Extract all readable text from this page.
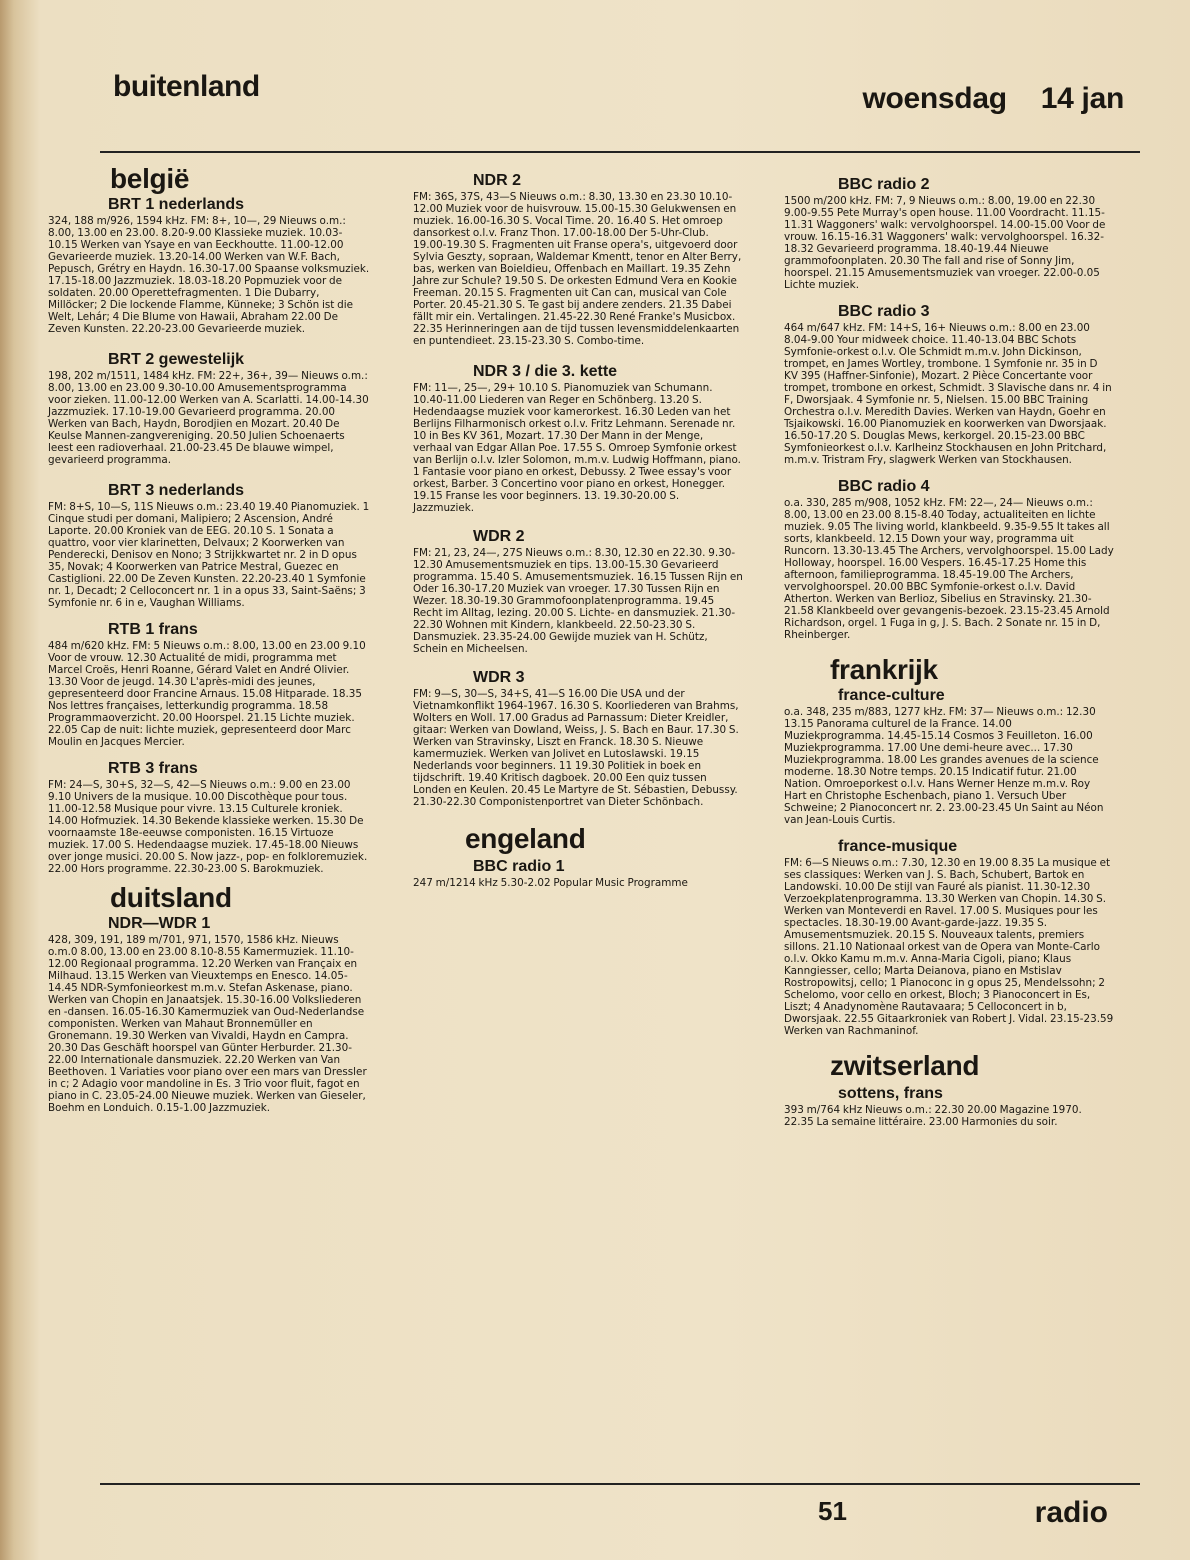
buitenland	woensdag 14 jan
belgië
BRT 1 nederlands
324, 188 m/926, 1594 kHz. FM: 8+, 10—, 29 Nieuws o.m.: 8.00, 13.00 en 23.00. 8.20-9.00 Klassieke muziek. 10.03-10.15 Werken van Ysaye en van Eeckhoutte. 11.00-12.00 Gevarieerde muziek. 13.20-14.00 Werken van W.F. Bach, Pepusch, Grétry en Haydn. 16.30-17.00 Spaanse volksmuziek. 17.15-18.00 Jazzmuziek. 18.03-18.20 Popmuziek voor de soldaten. 20.00 Operettefragmenten. 1 Die Dubarry, Millöcker; 2 Die lockende Flamme, Künneke; 3 Schön ist die Welt, Lehár; 4 Die Blume von Hawaii, Abraham 22.00 De Zeven Kunsten. 22.20-23.00 Gevarieerde muziek.
BRT 2 gewestelijk
198, 202 m/1511, 1484 kHz. FM: 22+, 36+, 39— Nieuws o.m.: 8.00, 13.00 en 23.00 9.30-10.00 Amusementsprogramma voor zieken. 11.00-12.00 Werken van A. Scarlatti. 14.00-14.30 Jazzmuziek. 17.10-19.00 Gevarieerd programma. 20.00 Werken van Bach, Haydn, Borodjien en Mozart. 20.40 De Keulse Mannen-zangvereniging. 20.50 Julien Schoenaerts leest een radioverhaal. 21.00-23.45 De blauwe wimpel, gevarieerd programma.
BRT 3 nederlands
FM: 8+S, 10—S, 11S Nieuws o.m.: 23.40 19.40 Pianomuziek. 1 Cinque studi per domani, Malipiero; 2 Ascension, André Laporte. 20.00 Kroniek van de EEG. 20.10 S. 1 Sonata a quattro, voor vier klarinetten, Delvaux; 2 Koorwerken van Penderecki, Denisov en Nono; 3 Strijkkwartet nr. 2 in D opus 35, Novak; 4 Koorwerken van Patrice Mestral, Guezec en Castiglioni. 22.00 De Zeven Kunsten. 22.20-23.40 1 Symfonie nr. 1, Decadt; 2 Celloconcert nr. 1 in a opus 33, Saint-Saëns; 3 Symfonie nr. 6 in e, Vaughan Williams.
RTB 1 frans
484 m/620 kHz. FM: 5 Nieuws o.m.: 8.00, 13.00 en 23.00 9.10 Voor de vrouw. 12.30 Actualité de midi, programma met Marcel Croës, Henri Roanne, Gérard Valet en André Olivier. 13.30 Voor de jeugd. 14.30 L'après-midi des jeunes, gepresenteerd door Francine Arnaus. 15.08 Hitparade. 18.35 Nos lettres françaises, letterkundig programma. 18.58 Programmaoverzicht. 20.00 Hoorspel. 21.15 Lichte muziek. 22.05 Cap de nuit: lichte muziek, gepresenteerd door Marc Moulin en Jacques Mercier.
RTB 3 frans
FM: 24—S, 30+S, 32—S, 42—S Nieuws o.m.: 9.00 en 23.00 9.10 Univers de la musique. 10.00 Discothèque pour tous. 11.00-12.58 Musique pour vivre. 13.15 Culturele kroniek. 14.00 Hofmuziek. 14.30 Bekende klassieke werken. 15.30 De voornaamste 18e-eeuwse componisten. 16.15 Virtuoze muziek. 17.00 S. Hedendaagse muziek. 17.45-18.00 Nieuws over jonge musici. 20.00 S. Now jazz-, pop- en folkloremuziek. 22.00 Hors programme. 22.30-23.00 S. Barokmuziek.
duitsland
NDR—WDR 1
428, 309, 191, 189 m/701, 971, 1570, 1586 kHz. Nieuws o.m.0 8.00, 13.00 en 23.00 8.10-8.55 Kamermuziek. 11.10-12.00 Regionaal programma. 12.20 Werken van Françaix en Milhaud. 13.15 Werken van Vieuxtemps en Enesco. 14.05-14.45 NDR-Symfonieorkest m.m.v. Stefan Askenase, piano. Werken van Chopin en Janaatsjek. 15.30-16.00 Volksliederen en -dansen. 16.05-16.30 Kamermuziek van Oud-Nederlandse componisten. Werken van Mahaut Bronnemüller en Gronemann. 19.30 Werken van Vivaldi, Haydn en Campra. 20.30 Das Geschäft hoorspel van Günter Herburder. 21.30-22.00 Internationale dansmuziek. 22.20 Werken van Van Beethoven. 1 Variaties voor piano over een mars van Dressler in c; 2 Adagio voor mandoline in Es. 3 Trio voor fluit, fagot en piano in C. 23.05-24.00 Nieuwe muziek. Werken van Gieseler, Boehm en Londuich. 0.15-1.00 Jazzmuziek.
NDR 2
FM: 36S, 37S, 43—S Nieuws o.m.: 8.30, 13.30 en 23.30 10.10-12.00 Muziek voor de huisvrouw. 15.00-15.30 Gelukwensen en muziek. 16.00-16.30 S. Vocal Time. 20. 16.40 S. Het omroep dansorkest o.l.v. Franz Thon. 17.00-18.00 Der 5-Uhr-Club. 19.00-19.30 S. Fragmenten uit Franse opera's, uitgevoerd door Sylvia Geszty, sopraan, Waldemar Kmentt, tenor en Alter Berry, bas, werken van Boieldieu, Offenbach en Maillart. 19.35 Zehn Jahre zur Schule? 19.50 S. De orkesten Edmund Vera en Kookie Freeman. 20.15 S. Fragmenten uit Can can, musical van Cole Porter. 20.45-21.30 S. Te gast bij andere zenders. 21.35 Dabei fällt mir ein. Vertalingen. 21.45-22.30 René Franke's Musicbox. 22.35 Herinneringen aan de tijd tussen levensmiddelenkaarten en puntendieet. 23.15-23.30 S. Combo-time.
NDR 3 / die 3. kette
FM: 11—, 25—, 29+ 10.10 S. Pianomuziek van Schumann. 10.40-11.00 Liederen van Reger en Schönberg. 13.20 S. Hedendaagse muziek voor kamerorkest. 16.30 Leden van het Berlijns Filharmonisch orkest o.l.v. Fritz Lehmann. Serenade nr. 10 in Bes KV 361, Mozart. 17.30 Der Mann in der Menge, verhaal van Edgar Allan Poe. 17.55 S. Omroep Symfonie orkest van Berlijn o.l.v. Izler Solomon, m.m.v. Ludwig Hoffmann, piano. 1 Fantasie voor piano en orkest, Debussy. 2 Twee essay's voor orkest, Barber. 3 Concertino voor piano en orkest, Honegger. 19.15 Franse les voor beginners. 13. 19.30-20.00 S. Jazzmuziek.
WDR 2
FM: 21, 23, 24—, 27S Nieuws o.m.: 8.30, 12.30 en 22.30. 9.30-12.30 Amusementsmuziek en tips. 13.00-15.30 Gevarieerd programma. 15.40 S. Amusementsmuziek. 16.15 Tussen Rijn en Oder 16.30-17.20 Muziek van vroeger. 17.30 Tussen Rijn en Wezer. 18.30-19.30 Grammofoonplatenprogramma. 19.45 Recht im Alltag, lezing. 20.00 S. Lichte- en dansmuziek. 21.30-22.30 Wohnen mit Kindern, klankbeeld. 22.50-23.30 S. Dansmuziek. 23.35-24.00 Gewijde muziek van H. Schütz, Schein en Micheelsen.
WDR 3
FM: 9—S, 30—S, 34+S, 41—S 16.00 Die USA und der Vietnamkonflikt 1964-1967. 16.30 S. Koorliederen van Brahms, Wolters en Woll. 17.00 Gradus ad Parnassum: Dieter Kreidler, gitaar: Werken van Dowland, Weiss, J. S. Bach en Baur. 17.30 S. Werken van Stravinsky, Liszt en Franck. 18.30 S. Nieuwe kamermuziek. Werken van Jolivet en Lutoslawski. 19.15 Nederlands voor beginners. 11 19.30 Politiek in boek en tijdschrift. 19.40 Kritisch dagboek. 20.00 Een quiz tussen Londen en Keulen. 20.45 Le Martyre de St. Sébastien, Debussy. 21.30-22.30 Componistenportret van Dieter Schönbach.
engeland
BBC radio 1
247 m/1214 kHz 5.30-2.02 Popular Music Programme
BBC radio 2
1500 m/200 kHz. FM: 7, 9 Nieuws o.m.: 8.00, 19.00 en 22.30 9.00-9.55 Pete Murray's open house. 11.00 Voordracht. 11.15-11.31 Waggoners' walk: vervolghoorspel. 14.00-15.00 Voor de vrouw. 16.15-16.31 Waggoners' walk: vervolghoorspel. 16.32-18.32 Gevarieerd programma. 18.40-19.44 Nieuwe grammofoonplaten. 20.30 The fall and rise of Sonny Jim, hoorspel. 21.15 Amusementsmuziek van vroeger. 22.00-0.05 Lichte muziek.
BBC radio 3
464 m/647 kHz. FM: 14+S, 16+ Nieuws o.m.: 8.00 en 23.00 8.04-9.00 Your midweek choice. 11.40-13.04 BBC Schots Symfonie-orkest o.l.v. Ole Schmidt m.m.v. John Dickinson, trompet, en James Wortley, trombone. 1 Symfonie nr. 35 in D KV 395 (Haffner-Sinfonie), Mozart. 2 Pièce Concertante voor trompet, trombone en orkest, Schmidt. 3 Slavische dans nr. 4 in F, Dworsjaak. 4 Symfonie nr. 5, Nielsen. 15.00 BBC Training Orchestra o.l.v. Meredith Davies. Werken van Haydn, Goehr en Tsjaikowski. 16.00 Pianomuziek en koorwerken van Dworsjaak. 16.50-17.20 S. Douglas Mews, kerkorgel. 20.15-23.00 BBC Symfonieorkest o.l.v. Karlheinz Stockhausen en John Pritchard, m.m.v. Tristram Fry, slagwerk Werken van Stockhausen.
BBC radio 4
o.a. 330, 285 m/908, 1052 kHz. FM: 22—, 24— Nieuws o.m.: 8.00, 13.00 en 23.00 8.15-8.40 Today, actualiteiten en lichte muziek. 9.05 The living world, klankbeeld. 9.35-9.55 It takes all sorts, klankbeeld. 12.15 Down your way, programma uit Runcorn. 13.30-13.45 The Archers, vervolghoorspel. 15.00 Lady Holloway, hoorspel. 16.00 Vespers. 16.45-17.25 Home this afternoon, familieprogramma. 18.45-19.00 The Archers, vervolghoorspel. 20.00 BBC Symfonie-orkest o.l.v. David Atherton. Werken van Berlioz, Sibelius en Stravinsky. 21.30-21.58 Klankbeeld over gevangenis-bezoek. 23.15-23.45 Arnold Richardson, orgel. 1 Fuga in g, J. S. Bach. 2 Sonate nr. 15 in D, Rheinberger.
frankrijk
france-culture
o.a. 348, 235 m/883, 1277 kHz. FM: 37— Nieuws o.m.: 12.30 13.15 Panorama culturel de la France. 14.00 Muziekprogramma. 14.45-15.14 Cosmos 3 Feuilleton. 16.00 Muziekprogramma. 17.00 Une demi-heure avec... 17.30 Muziekprogramma. 18.00 Les grandes avenues de la science moderne. 18.30 Notre temps. 20.15 Indicatif futur. 21.00 Nation. Omroeporkest o.l.v. Hans Werner Henze m.m.v. Roy Hart en Christophe Eschenbach, piano 1. Versuch Uber Schweine; 2 Pianoconcert nr. 2. 23.00-23.45 Un Saint au Néon van Jean-Louis Curtis.
france-musique
FM: 6—S Nieuws o.m.: 7.30, 12.30 en 19.00 8.35 La musique et ses classiques: Werken van J. S. Bach, Schubert, Bartok en Landowski. 10.00 De stijl van Fauré als pianist. 11.30-12.30 Verzoekplatenprogramma. 13.30 Werken van Chopin. 14.30 S. Werken van Monteverdi en Ravel. 17.00 S. Musiques pour les spectacles. 18.30-19.00 Avant-garde-jazz. 19.35 S. Amusementsmuziek. 20.15 S. Nouveaux talents, premiers sillons. 21.10 Nationaal orkest van de Opera van Monte-Carlo o.l.v. Okko Kamu m.m.v. Anna-Maria Cigoli, piano; Klaus Kanngiesser, cello; Marta Deianova, piano en Mstislav Rostropowitsj, cello; 1 Pianoconc in g opus 25, Mendelssohn; 2 Schelomo, voor cello en orkest, Bloch; 3 Pianoconcert in Es, Liszt; 4 Anadynomène Rautavaara; 5 Celloconcert in b, Dworsjaak. 22.55 Gitaarkroniek van Robert J. Vidal. 23.15-23.59 Werken van Rachmaninof.
zwitserland
sottens, frans
393 m/764 kHz Nieuws o.m.: 22.30 20.00 Magazine 1970. 22.35 La semaine littéraire. 23.00 Harmonies du soir.
51	radio
